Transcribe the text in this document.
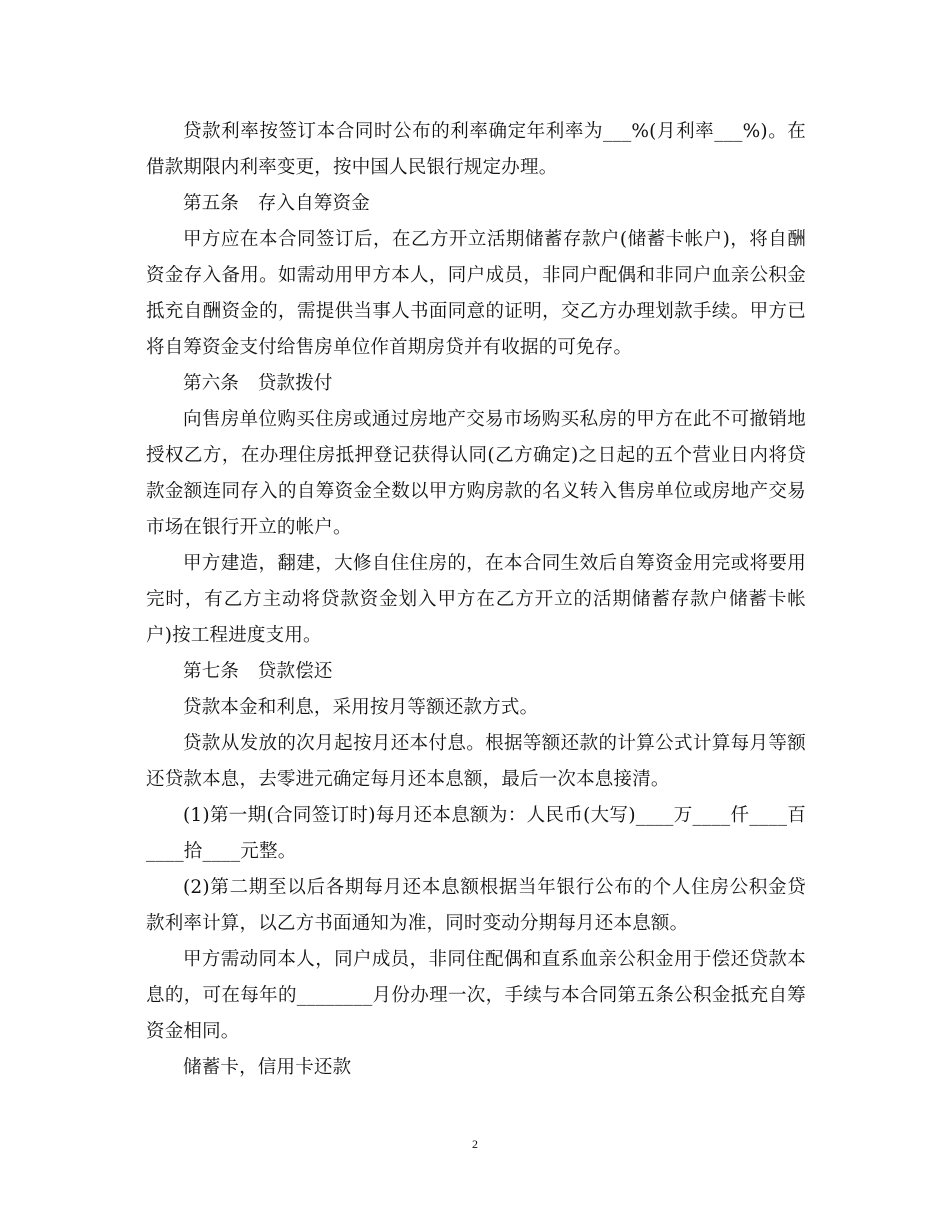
贷款利率按签订本合同时公布的利率确定年利率为___%(月利率___%)。在借款期限内利率变更，按中国人民银行规定办理。

第五条　存入自筹资金

甲方应在本合同签订后，在乙方开立活期储蓄存款户(储蓄卡帐户)，将自酬资金存入备用。如需动用甲方本人，同户成员，非同户配偶和非同户血亲公积金抵充自酬资金的，需提供当事人书面同意的证明，交乙方办理划款手续。甲方已将自筹资金支付给售房单位作首期房贷并有收据的可免存。

第六条　贷款拨付

向售房单位购买住房或通过房地产交易市场购买私房的甲方在此不可撤销地授权乙方，在办理住房抵押登记获得认同(乙方确定)之日起的五个营业日内将贷款金额连同存入的自筹资金全数以甲方购房款的名义转入售房单位或房地产交易市场在银行开立的帐户。

甲方建造，翻建，大修自住住房的，在本合同生效后自筹资金用完或将要用完时，有乙方主动将贷款资金划入甲方在乙方开立的活期储蓄存款户储蓄卡帐户)按工程进度支用。

第七条　贷款偿还

贷款本金和利息，采用按月等额还款方式。

贷款从发放的次月起按月还本付息。根据等额还款的计算公式计算每月等额还贷款本息，去零进元确定每月还本息额，最后一次本息接清。

(1)第一期(合同签订时)每月还本息额为：人民币(大写)____万____仟____百____拾____元整。

(2)第二期至以后各期每月还本息额根据当年银行公布的个人住房公积金贷款利率计算，以乙方书面通知为准，同时变动分期每月还本息额。

甲方需动同本人，同户成员，非同住配偶和直系血亲公积金用于偿还贷款本息的，可在每年的________月份办理一次，手续与本合同第五条公积金抵充自筹资金相同。

储蓄卡，信用卡还款

2
